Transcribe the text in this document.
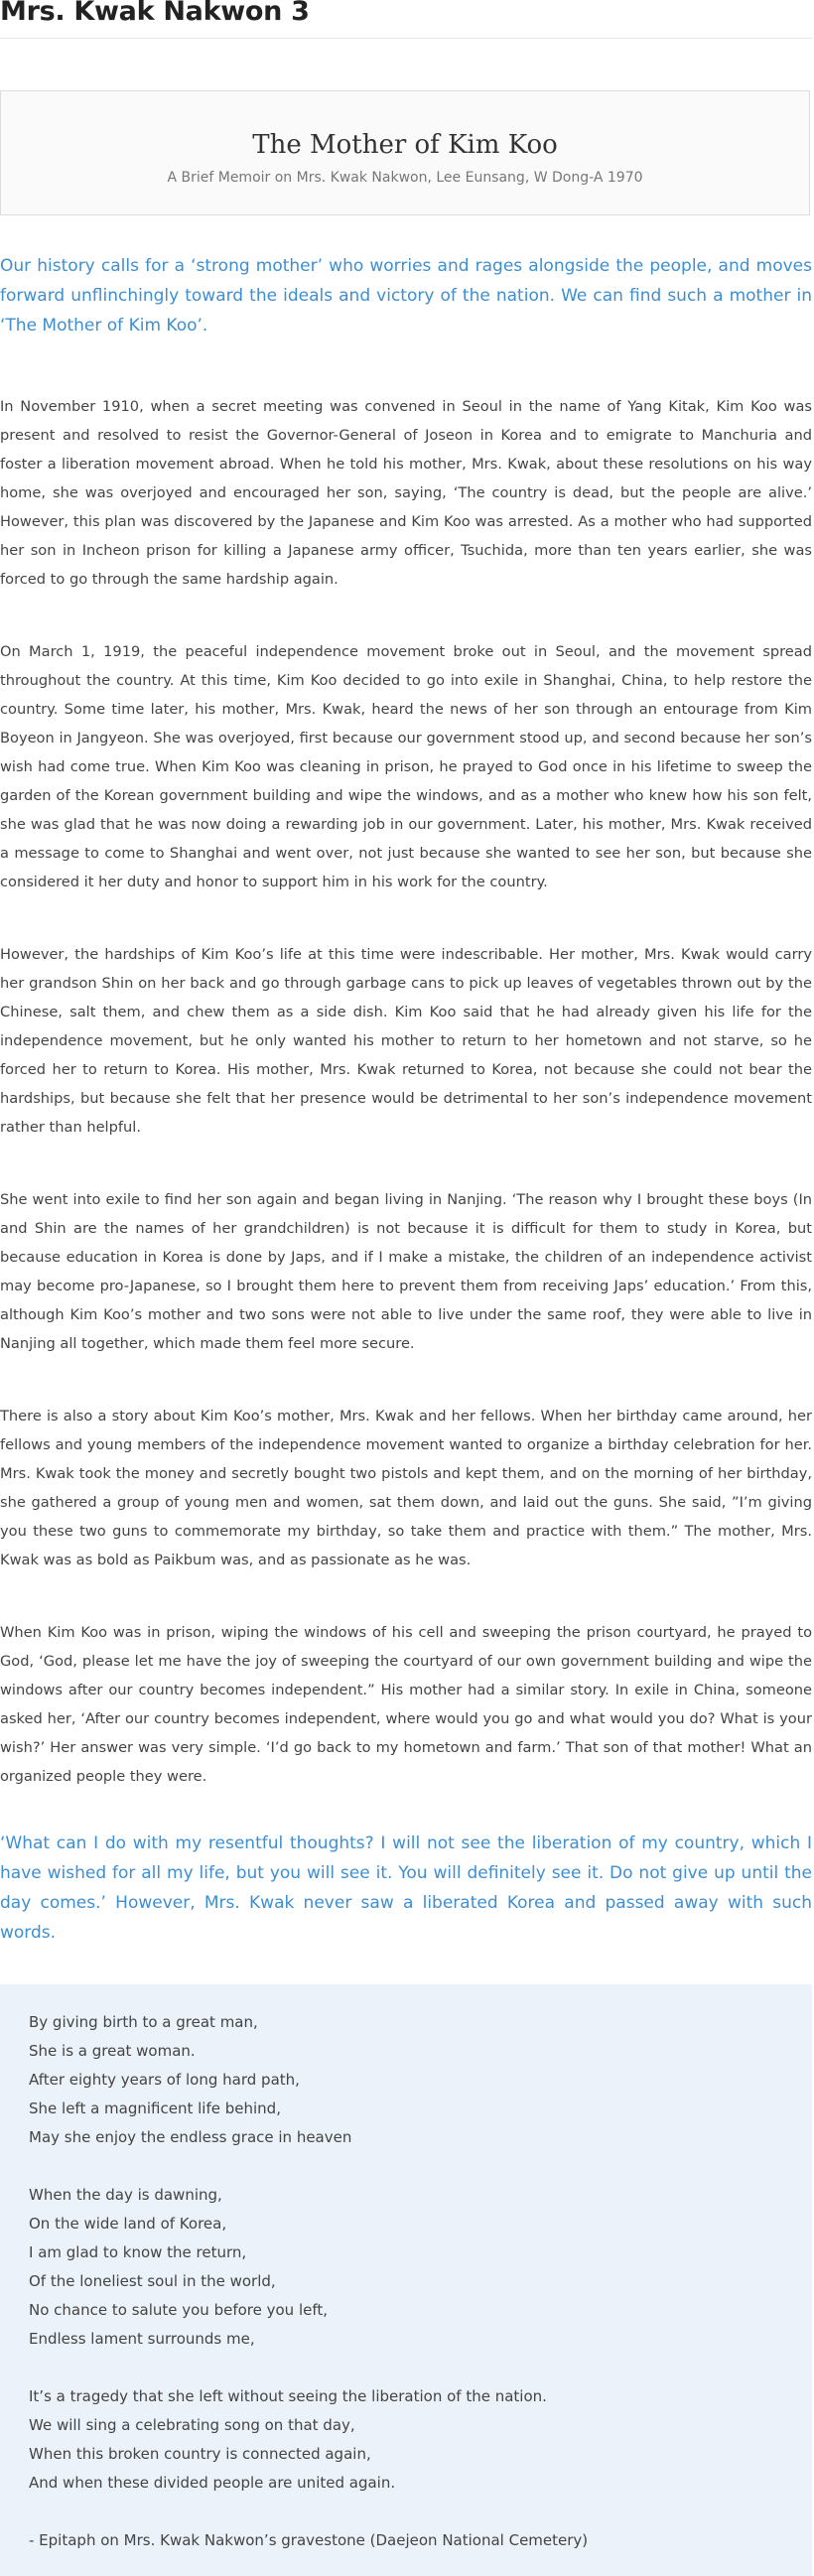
Mrs. Kwak Nakwon 3
The Mother of Kim Koo
A Brief Memoir on Mrs. Kwak Nakwon, Lee Eunsang, W Dong-A 1970

Our history calls for a ‘strong mother’ who worries and rages alongside the people, and moves forward unflinchingly toward the ideals and victory of the nation. We can find such a mother in ‘The Mother of Kim Koo’.

In November 1910, when a secret meeting was convened in Seoul in the name of Yang Kitak, Kim Koo was present and resolved to resist the Governor-General of Joseon in Korea and to emigrate to Manchuria and foster a liberation movement abroad. When he told his mother, Mrs. Kwak, about these resolutions on his way home, she was overjoyed and encouraged her son, saying, ‘The country is dead, but the people are alive.’ However, this plan was discovered by the Japanese and Kim Koo was arrested. As a mother who had supported her son in Incheon prison for killing a Japanese army officer, Tsuchida, more than ten years earlier, she was forced to go through the same hardship again.

On March 1, 1919, the peaceful independence movement broke out in Seoul, and the movement spread throughout the country. At this time, Kim Koo decided to go into exile in Shanghai, China, to help restore the country. Some time later, his mother, Mrs. Kwak, heard the news of her son through an entourage from Kim Boyeon in Jangyeon. She was overjoyed, first because our government stood up, and second because her son’s wish had come true. When Kim Koo was cleaning in prison, he prayed to God once in his lifetime to sweep the garden of the Korean government building and wipe the windows, and as a mother who knew how his son felt, she was glad that he was now doing a rewarding job in our government. Later, his mother, Mrs. Kwak received a message to come to Shanghai and went over, not just because she wanted to see her son, but because she considered it her duty and honor to support him in his work for the country.

However, the hardships of Kim Koo’s life at this time were indescribable. Her mother, Mrs. Kwak would carry her grandson Shin on her back and go through garbage cans to pick up leaves of vegetables thrown out by the Chinese, salt them, and chew them as a side dish. Kim Koo said that he had already given his life for the independence movement, but he only wanted his mother to return to her hometown and not starve, so he forced her to return to Korea. His mother, Mrs. Kwak returned to Korea, not because she could not bear the hardships, but because she felt that her presence would be detrimental to her son’s independence movement rather than helpful.

She went into exile to find her son again and began living in Nanjing. ‘The reason why I brought these boys (In and Shin are the names of her grandchildren) is not because it is difficult for them to study in Korea, but because education in Korea is done by Japs, and if I make a mistake, the children of an independence activist may become pro-Japanese, so I brought them here to prevent them from receiving Japs’ education.’ From this, although Kim Koo’s mother and two sons were not able to live under the same roof, they were able to live in Nanjing all together, which made them feel more secure.

There is also a story about Kim Koo’s mother, Mrs. Kwak and her fellows. When her birthday came around, her fellows and young members of the independence movement wanted to organize a birthday celebration for her. Mrs. Kwak took the money and secretly bought two pistols and kept them, and on the morning of her birthday, she gathered a group of young men and women, sat them down, and laid out the guns. She said, ”I’m giving you these two guns to commemorate my birthday, so take them and practice with them.” The mother, Mrs. Kwak was as bold as Paikbum was, and as passionate as he was.

When Kim Koo was in prison, wiping the windows of his cell and sweeping the prison courtyard, he prayed to God, ‘God, please let me have the joy of sweeping the courtyard of our own government building and wipe the windows after our country becomes independent.” His mother had a similar story. In exile in China, someone asked her, ‘After our country becomes independent, where would you go and what would you do? What is your wish?’ Her answer was very simple. ‘I’d go back to my hometown and farm.’ That son of that mother! What an organized people they were.

‘What can I do with my resentful thoughts? I will not see the liberation of my country, which I have wished for all my life, but you will see it. You will definitely see it. Do not give up until the day comes.’ However, Mrs. Kwak never saw a liberated Korea and passed away with such words.

By giving birth to a great man,
She is a great woman.
After eighty years of long hard path,
She left a magnificent life behind,
May she enjoy the endless grace in heaven
When the day is dawning,
On the wide land of Korea,
I am glad to know the return,
Of the loneliest soul in the world,
No chance to salute you before you left,
Endless lament surrounds me,
It’s a tragedy that she left without seeing the liberation of the nation.
We will sing a celebrating song on that day,
When this broken country is connected again,
And when these divided people are united again.
- Epitaph on Mrs. Kwak Nakwon’s gravestone (Daejeon National Cemetery)
